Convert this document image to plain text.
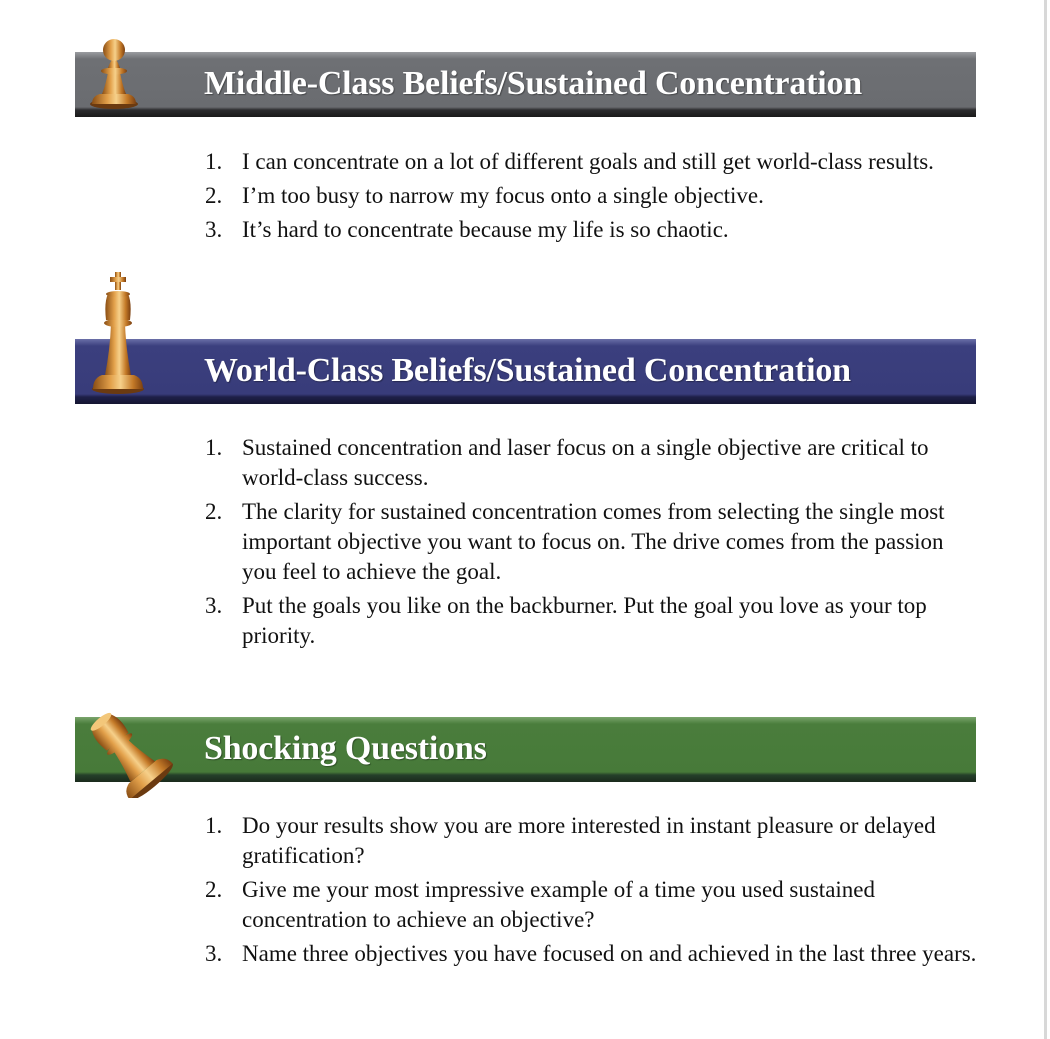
Middle-Class Beliefs/Sustained Concentration
1. I can concentrate on a lot of different goals and still get world-class results.
2. I’m too busy to narrow my focus onto a single objective.
3. It’s hard to concentrate because my life is so chaotic.
World-Class Beliefs/Sustained Concentration
1. Sustained concentration and laser focus on a single objective are critical to world-class success.
2. The clarity for sustained concentration comes from selecting the single most important objective you want to focus on. The drive comes from the passion you feel to achieve the goal.
3. Put the goals you like on the backburner. Put the goal you love as your top priority.
Shocking Questions
1. Do your results show you are more interested in instant pleasure or delayed gratification?
2. Give me your most impressive example of a time you used sustained concentration to achieve an objective?
3. Name three objectives you have focused on and achieved in the last three years.
